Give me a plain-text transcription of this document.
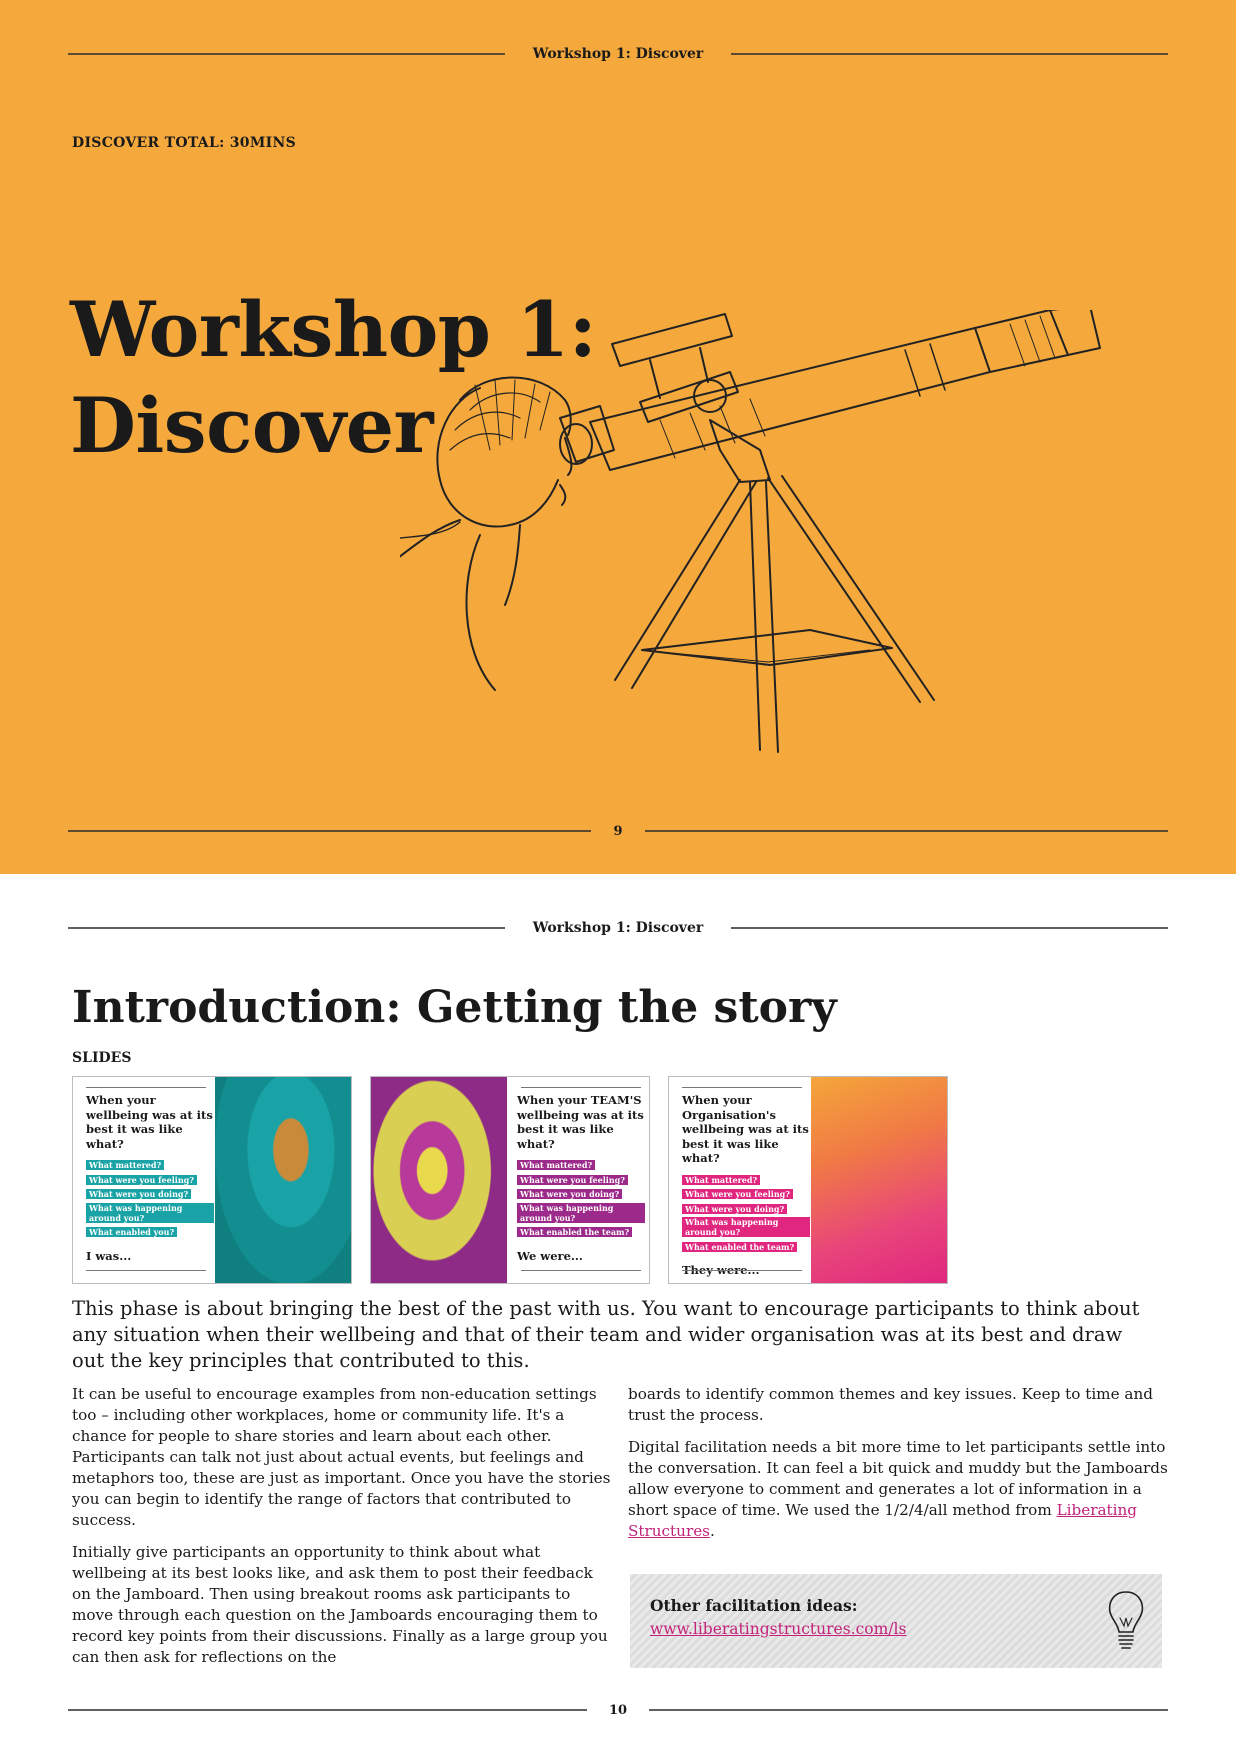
Workshop 1: Discover
DISCOVER TOTAL: 30MINS
Workshop 1:
Discover
9
Workshop 1: Discover
Introduction: Getting the story
SLIDES
When your wellbeing was at its best it was like what?
What mattered?
What were you feeling?
What were you doing?
What was happening around you?
What enabled you?
I was...
When your TEAM'S wellbeing was at its best it was like what?
What mattered?
What were you feeling?
What were you doing?
What was happening around you?
What enabled the team?
We were...
When your Organisation's wellbeing was at its best it was like what?
What mattered?
What were you feeling?
What were you doing?
What was happening around you?
What enabled the team?
They were...

This phase is about bringing the best of the past with us. You want to encourage participants to think about any situation when their wellbeing and that of their team and wider organisation was at its best and draw out the key principles that contributed to this.

It can be useful to encourage examples from non-education settings too – including other workplaces, home or community life. It's a chance for people to share stories and learn about each other. Participants can talk not just about actual events, but feelings and metaphors too, these are just as important. Once you have the stories you can begin to identify the range of factors that contributed to success.

Initially give participants an opportunity to think about what wellbeing at its best looks like, and ask them to post their feedback on the Jamboard. Then using breakout rooms ask participants to move through each question on the Jamboards encouraging them to record key points from their discussions. Finally as a large group you can then ask for reflections on the

boards to identify common themes and key issues. Keep to time and trust the process.

Digital facilitation needs a bit more time to let participants settle into the conversation. It can feel a bit quick and muddy but the Jamboards allow everyone to comment and generates a lot of information in a short space of time. We used the 1/2/4/all method from Liberating Structures.

Other facilitation ideas:
www.liberatingstructures.com/ls
10
